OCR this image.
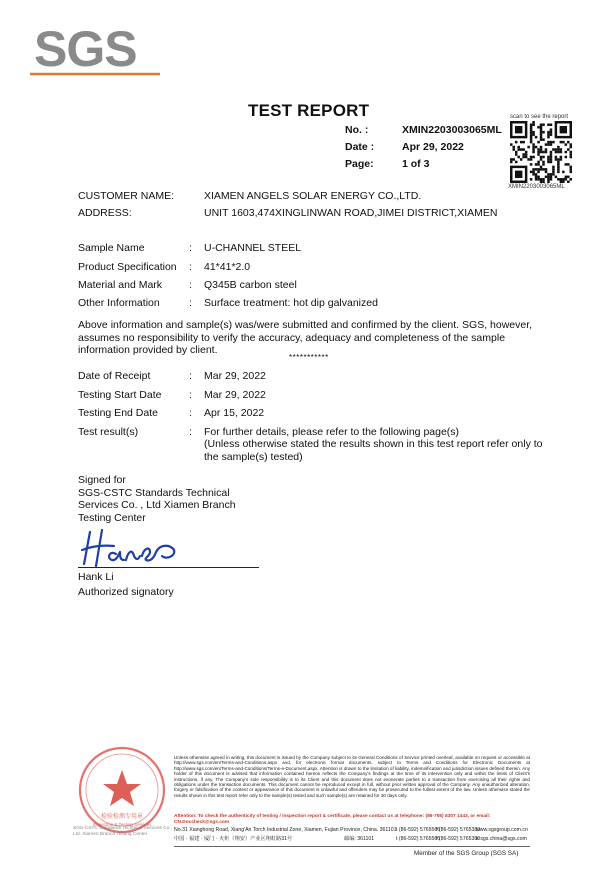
SGS
TEST REPORT
No. :	XMIN2203003065ML
Date :	Apr 29, 2022
Page:	1 of 3
scan to see the report
XMIN2203003065ML
CUSTOMER NAME:	XIAMEN ANGELS SOLAR ENERGY CO.,LTD.
ADDRESS:	UNIT 1603,474XINGLINWAN ROAD,JIMEI DISTRICT,XIAMEN
Sample Name	: U-CHANNEL STEEL
Product Specification : 41*41*2.0
Material and Mark	: Q345B carbon steel
Other Information	: Surface treatment: hot dip galvanized
Above information and sample(s) was/were submitted and confirmed by the client. SGS, however, assumes no responsibility to verify the accuracy, adequacy and completeness of the sample information provided by client.
***********
Date of Receipt	: Mar 29, 2022
Testing Start Date	: Mar 29, 2022
Testing End Date	: Apr 15, 2022
Test result(s)	: For further details, please refer to the following page(s)
(Unless otherwise stated the results shown in this test report refer only to the sample(s) tested)
Signed for
SGS-CSTC Standards Technical
Services Co. , Ltd Xiamen Branch
Testing Center
Hank Li
Authorized signatory
检验检测专用章
Inspection & Testing Services
SGS-CSTC Standards Technical Services Co., Ltd. Xiamen Branch Testing Center
Unless otherwise agreed in writing, this document is issued by the Company subject to its General Conditions of Service printed overleaf, available on request or accessible at http://www.sgs.com/en/Terms-and-Conditions.aspx and, for electronic format documents, subject to Terms and Conditions for Electronic Documents at http://www.sgs.com/en/Terms-and-Conditions/Terms-e-Document.aspx. Attention is drawn to the limitation of liability, indemnification and jurisdiction issues defined therein. Any holder of this document is advised that information contained hereon reflects the Company's findings at the time of its intervention only and within the limits of Client's instructions, if any. The Company's sole responsibility is to its Client and this document does not exonerate parties to a transaction from exercising all their rights and obligations under the transaction documents. This document cannot be reproduced except in full, without prior written approval of the Company. Any unauthorized alteration, forgery or falsification of the content or appearance of this document is unlawful and offenders may be prosecuted to the fullest extent of the law. Unless otherwise stated the results shown in this test report refer only to the sample(s) tested and such sample(s) are retained for 30 days only.
Attention: To check the authenticity of testing / inspection report & certificate, please contact us at telephone: (86-755) 8307 1443, or email: CN.Doccheck@sgs.com
No.31 Xianghong Road, Xiang'An Torch Industrial Zone, Xiamen, Fujian Province, China. 361101 t (86-592) 5765566
f (86-592) 5765380
www.sgsgroup.com.cn
中国 · 福建 · 厦门 · 火炬（翔安）产业区翔虹路31号	邮编: 361101	t (86-592) 5765566
f (86-592) 5765380
e sgs.china@sgs.com
Member of the SGS Group (SGS SA)
